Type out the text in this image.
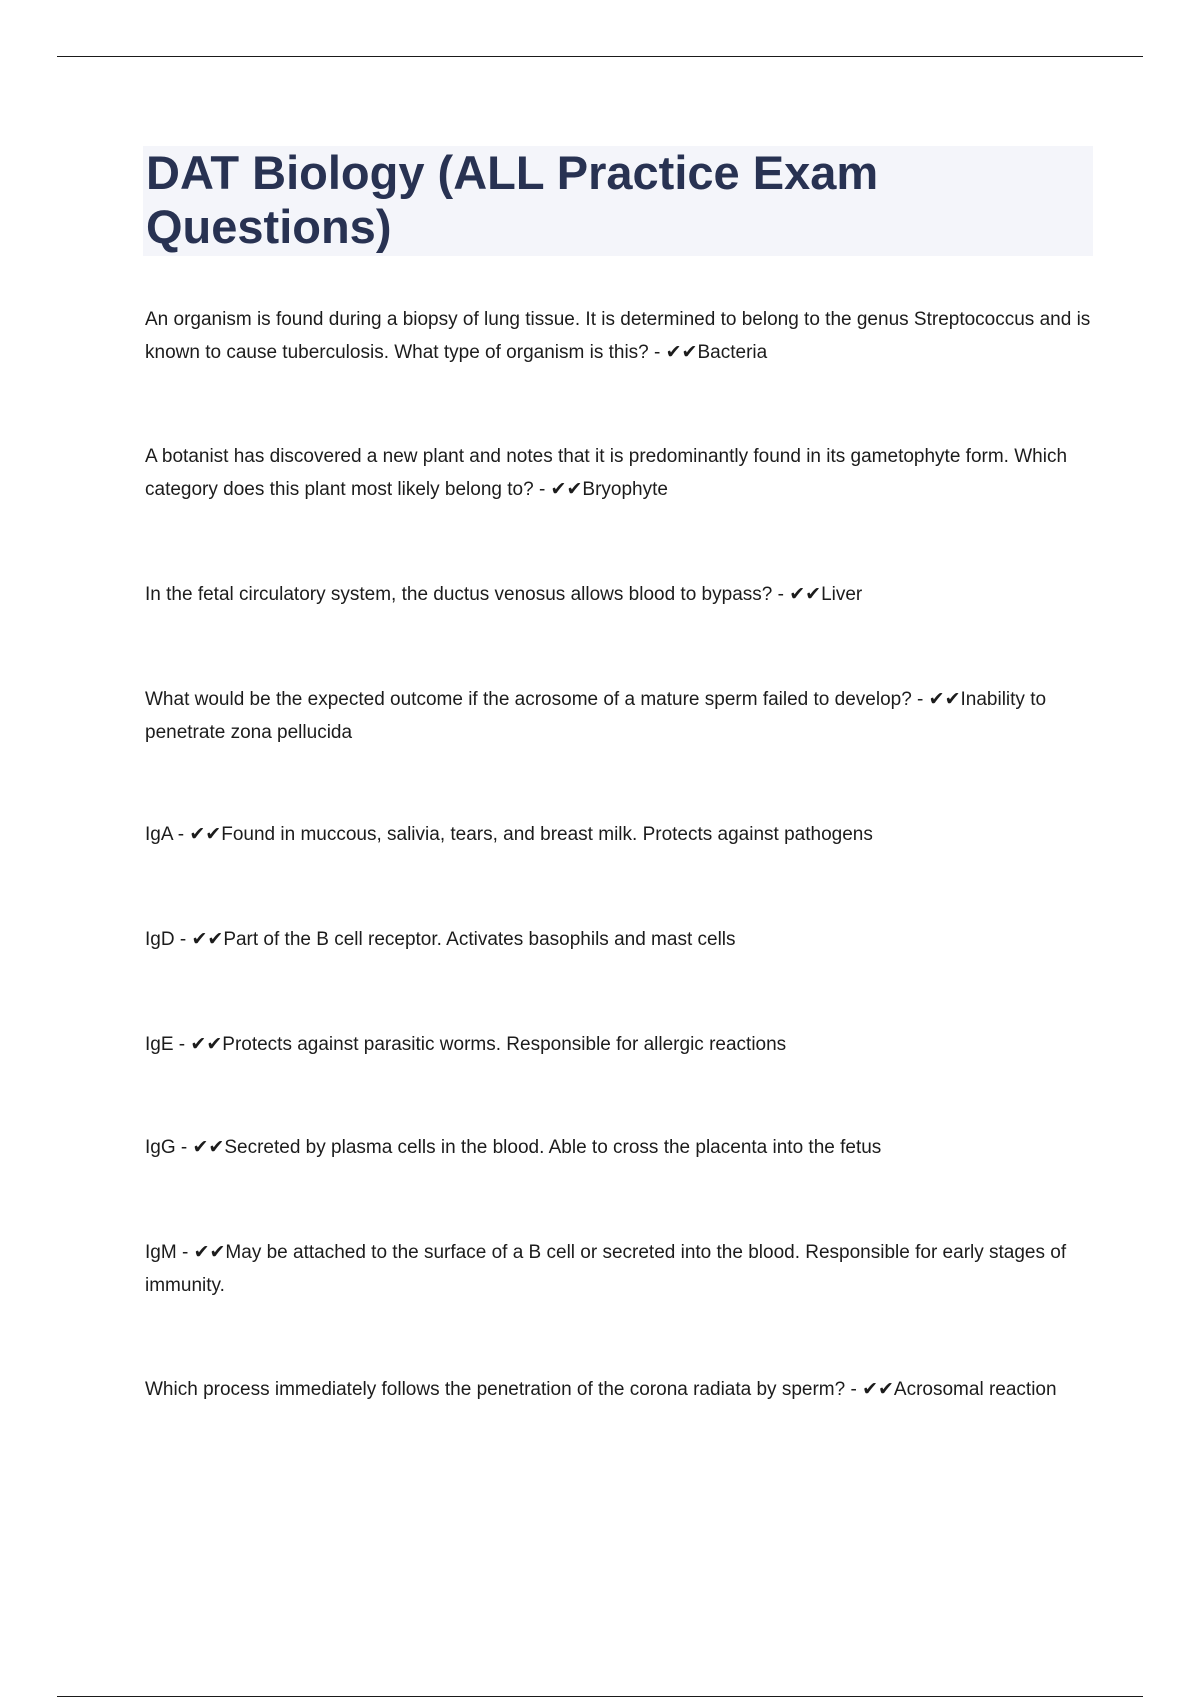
DAT Biology (ALL Practice Exam Questions)
An organism is found during a biopsy of lung tissue. It is determined to belong to the genus Streptococcus and is known to cause tuberculosis. What type of organism is this? - ✔✔Bacteria
A botanist has discovered a new plant and notes that it is predominantly found in its gametophyte form. Which category does this plant most likely belong to? - ✔✔Bryophyte
In the fetal circulatory system, the ductus venosus allows blood to bypass? - ✔✔Liver
What would be the expected outcome if the acrosome of a mature sperm failed to develop? - ✔✔Inability to penetrate zona pellucida
IgA - ✔✔Found in muccous, salivia, tears, and breast milk. Protects against pathogens
IgD - ✔✔Part of the B cell receptor. Activates basophils and mast cells
IgE - ✔✔Protects against parasitic worms. Responsible for allergic reactions
IgG - ✔✔Secreted by plasma cells in the blood. Able to cross the placenta into the fetus
IgM - ✔✔May be attached to the surface of a B cell or secreted into the blood. Responsible for early stages of immunity.
Which process immediately follows the penetration of the corona radiata by sperm? - ✔✔Acrosomal reaction
